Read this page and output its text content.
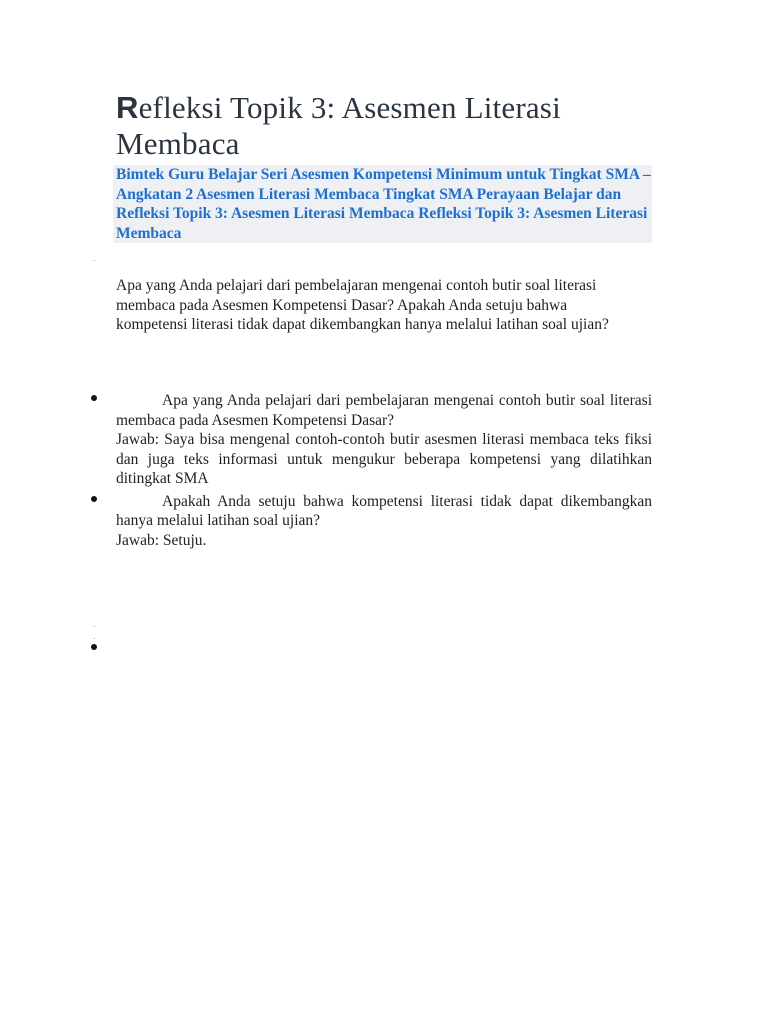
Refleksi Topik 3: Asesmen Literasi Membaca
Bimtek Guru Belajar Seri Asesmen Kompetensi Minimum untuk Tingkat SMA – Angkatan 2 Asesmen Literasi Membaca Tingkat SMA Perayaan Belajar dan Refleksi Topik 3: Asesmen Literasi Membaca Refleksi Topik 3: Asesmen Literasi Membaca
.

Apa yang Anda pelajari dari pembelajaran mengenai contoh butir soal literasi membaca pada Asesmen Kompetensi Dasar? Apakah Anda setuju bahwa kompetensi literasi tidak dapat dikembangkan hanya melalui latihan soal ujian?

Apa yang Anda pelajari dari pembelajaran mengenai contoh butir soal literasi membaca pada Asesmen Kompetensi Dasar?

Jawab: Saya bisa mengenal contoh-contoh butir asesmen literasi membaca teks fiksi dan juga teks informasi untuk mengukur beberapa kompetensi yang dilatihkan ditingkat SMA

Apakah Anda setuju bahwa kompetensi literasi tidak dapat dikembangkan hanya melalui latihan soal ujian?

Jawab: Setuju.

.
.
